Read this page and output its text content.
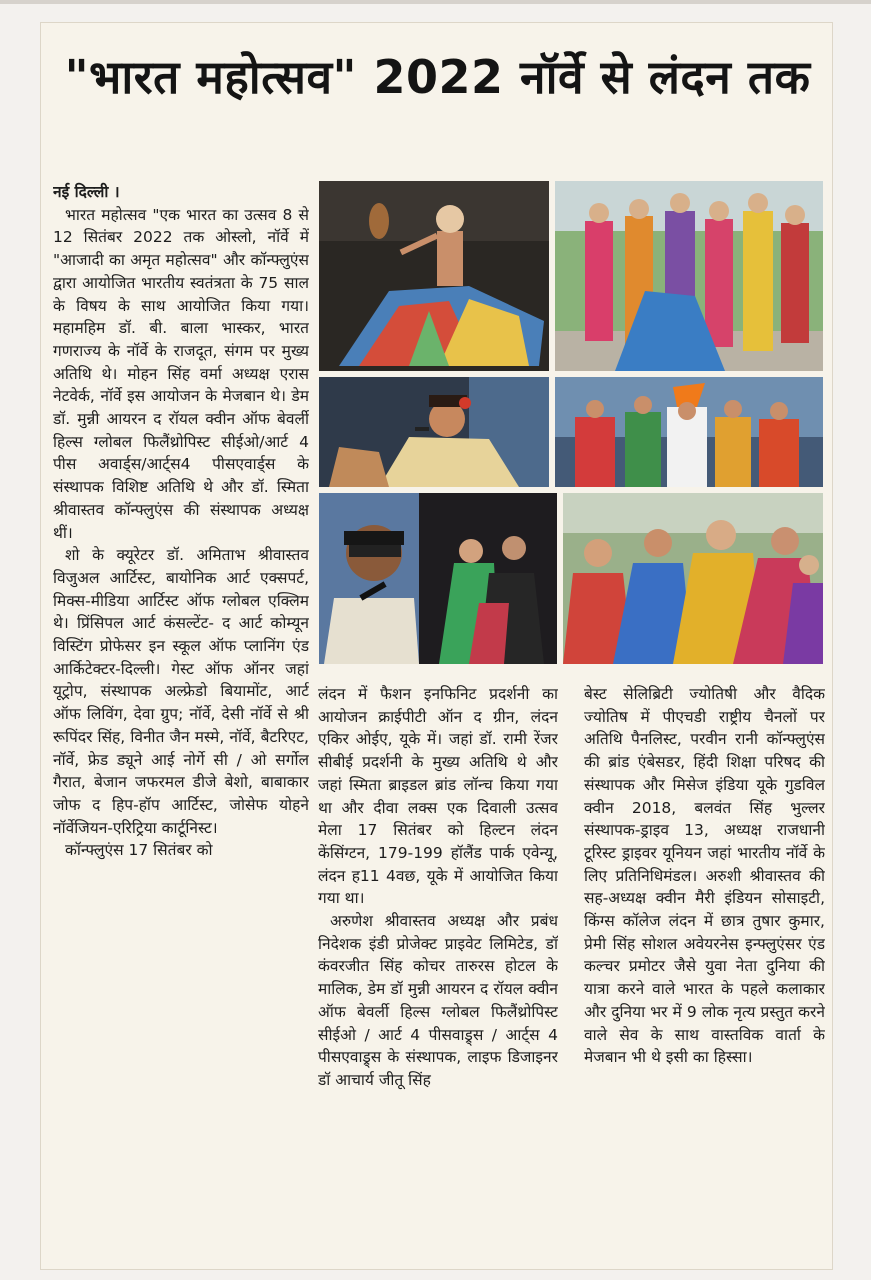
"भारत महोत्सव" 2022 नॉर्वे से लंदन तक
नई दिल्ली ।
भारत महोत्सव "एक भारत का उत्सव 8 से 12 सितंबर 2022 तक ओस्लो, नॉर्वे में "आजादी का अमृत महोत्सव" और कॉन्फ्लुएंस द्वारा आयोजित भारतीय स्वतंत्रता के 75 साल के विषय के साथ आयोजित किया गया। महामहिम डॉ. बी. बाला भास्कर, भारत गणराज्य के नॉर्वे के राजदूत, संगम पर मुख्य अतिथि थे। मोहन सिंह वर्मा अध्यक्ष एरास नेटवेर्क, नॉर्वे इस आयोजन के मेजबान थे। डेम डॉ. मुन्नी आयरन द रॉयल क्वीन ऑफ बेवर्ली हिल्स ग्लोबल फिलैंथ्रोपिस्ट सीईओ/आर्ट 4 पीस अवार्ड्स/आर्ट्स4 पीसएवार्ड्स के संस्थापक विशिष्ट अतिथि थे और डॉ. स्मिता श्रीवास्तव कॉन्फ्लुएंस की संस्थापक अध्यक्ष थीं।
शो के क्यूरेटर डॉ. अमिताभ श्रीवास्तव विजुअल आर्टिस्ट, बायोनिक आर्ट एक्सपर्ट, मिक्स-मीडिया आर्टिस्ट ऑफ ग्लोबल एक्लिम थे। प्रिंसिपल आर्ट कंसल्टेंट- द आर्ट कोम्यून विस्टिंग प्रोफेसर इन स्कूल ऑफ प्लानिंग एंड आर्किटेक्टर-दिल्ली। गेस्ट ऑफ ऑनर जहां यूट्रोप, संस्थापक अल्फ्रेडो बियामोंट, आर्ट ऑफ लिविंग, देवा ग्रुप; नॉर्वे, देसी नॉर्वे से श्री रूपिंदर सिंह, विनीत जैन मस्मे, नॉर्वे, बैटरिएट, नॉर्वे, फ्रेड ड्यूने आई नोर्गे सी / ओ सर्गोल गैरात, बेजान जफरमल डीजे बेशो, बाबाकार जोफ द हिप-हॉप आर्टिस्ट, जोसेफ योहने नॉर्वेजियन-एरिट्रिया कार्टूनिस्ट।
कॉन्फ्लुएंस 17 सितंबर को
लंदन में फैशन इनफिनिट प्रदर्शनी का आयोजन क्राईपीटी ऑन द ग्रीन, लंदन एकिर ओईए, यूके में। जहां डॉ. रामी रेंजर सीबीई प्रदर्शनी के मुख्य अतिथि थे और जहां स्मिता ब्राइडल ब्रांड लॉन्च किया गया था और दीवा लक्स एक दिवाली उत्सव मेला 17 सितंबर को हिल्टन लंदन केंसिंग्टन, 179-199 हॉलैंड पार्क एवेन्यू, लंदन ह11 4वछ, यूके में आयोजित किया गया था।
अरुणेश श्रीवास्तव अध्यक्ष और प्रबंध निदेशक इंडी प्रोजेक्ट प्राइवेट लिमिटेड, डॉ कंवरजीत सिंह कोचर तारुरस होटल के मालिक, डेम डॉ मुन्नी आयरन द रॉयल क्वीन ऑफ बेवर्ली हिल्स ग्लोबल फिलैंथ्रोपिस्ट सीईओ / आर्ट 4 पीसवाड्र्स / आर्ट्स 4 पीसएवाड्र्स के संस्थापक, लाइफ डिजाइनर डॉ आचार्य जीतू सिंह
बेस्ट सेलिब्रिटी ज्योतिषी और वैदिक ज्योतिष में पीएचडी राष्ट्रीय चैनलों पर अतिथि पैनलिस्ट, परवीन रानी कॉन्फ्लुएंस की ब्रांड एंबेसडर, हिंदी शिक्षा परिषद की संस्थापक और मिसेज इंडिया यूके गुडविल क्वीन 2018, बलवंत सिंह भुल्लर संस्थापक-ड्राइव 13, अध्यक्ष राजधानी टूरिस्ट ड्राइवर यूनियन जहां भारतीय नॉर्वे के लिए प्रतिनिधिमंडल। अरुशी श्रीवास्तव की सह-अध्यक्ष क्वीन मैरी इंडियन सोसाइटी, किंग्स कॉलेज लंदन में छात्र तुषार कुमार, प्रेमी सिंह सोशल अवेयरनेस इन्फ्लुएंसर एंड कल्चर प्रमोटर जैसे युवा नेता दुनिया की यात्रा करने वाले भारत के पहले कलाकार और दुनिया भर में 9 लोक नृत्य प्रस्तुत करने वाले सेव के साथ वास्तविक वार्ता के मेजबान भी थे इसी का हिस्सा।
